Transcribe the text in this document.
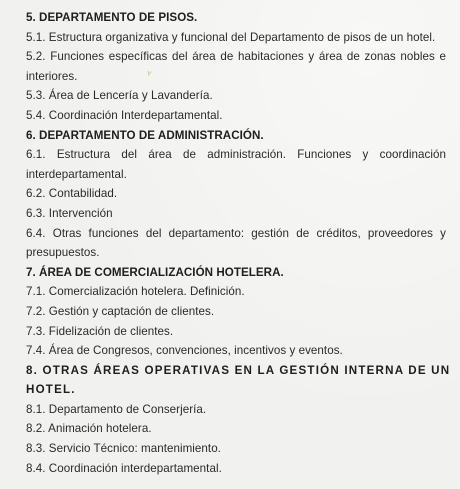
ʏ
5. DEPARTAMENTO DE PISOS.
5.1. Estructura organizativa y funcional del Departamento de pisos de un hotel.
5.2. Funciones específicas del área de habitaciones y área de zonas nobles e
interiores.
5.3. Área de Lencería y Lavandería.
5.4. Coordinación Interdepartamental.
6. DEPARTAMENTO DE ADMINISTRACIÓN.
6.1. Estructura del área de administración. Funciones y coordinación
interdepartamental.
6.2. Contabilidad.
6.3. Intervención
6.4. Otras funciones del departamento: gestión de créditos, proveedores y
presupuestos.
7. ÁREA DE COMERCIALIZACIÓN HOTELERA.
7.1. Comercialización hotelera. Definición.
7.2. Gestión y captación de clientes.
7.3. Fidelización de clientes.
7.4. Área de Congresos, convenciones, incentivos y eventos.
8. OTRAS ÁREAS OPERATIVAS EN LA GESTIÓN INTERNA DE UN
HOTEL.
8.1. Departamento de Conserjería.
8.2. Animación hotelera.
8.3. Servicio Técnico: mantenimiento.
8.4. Coordinación interdepartamental.
